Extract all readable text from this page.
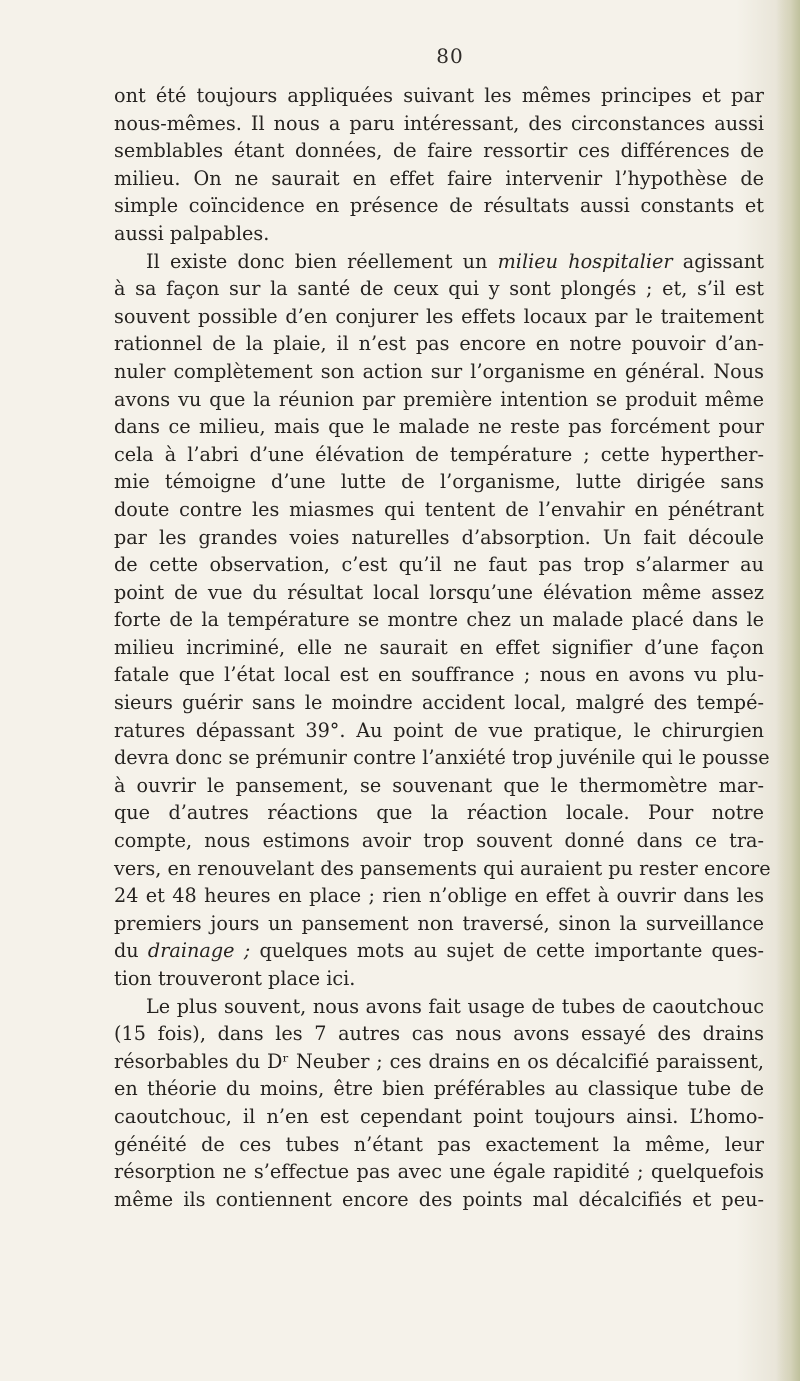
80
ont été toujours appliquées suivant les mêmes principes et par
nous-mêmes. Il nous a paru intéressant, des circonstances aussi
semblables étant données, de faire ressortir ces différences de
milieu. On ne saurait en effet faire intervenir l’hypothèse de
simple coïncidence en présence de résultats aussi constants et
aussi palpables.
Il existe donc bien réellement un milieu hospitalier agissant
à sa façon sur la santé de ceux qui y sont plongés ; et, s’il est
souvent possible d’en conjurer les effets locaux par le traitement
rationnel de la plaie, il n’est pas encore en notre pouvoir d’an-
nuler complètement son action sur l’organisme en général. Nous
avons vu que la réunion par première intention se produit même
dans ce milieu, mais que le malade ne reste pas forcément pour
cela à l’abri d’une élévation de température ; cette hyperther-
mie témoigne d’une lutte de l’organisme, lutte dirigée sans
doute contre les miasmes qui tentent de l’envahir en pénétrant
par les grandes voies naturelles d’absorption. Un fait découle
de cette observation, c’est qu’il ne faut pas trop s’alarmer au
point de vue du résultat local lorsqu’une élévation même assez
forte de la température se montre chez un malade placé dans le
milieu incriminé, elle ne saurait en effet signifier d’une façon
fatale que l’état local est en souffrance ; nous en avons vu plu-
sieurs guérir sans le moindre accident local, malgré des tempé-
ratures dépassant 39°. Au point de vue pratique, le chirurgien
devra donc se prémunir contre l’anxiété trop juvénile qui le pousse
à ouvrir le pansement, se souvenant que le thermomètre mar-
que d’autres réactions que la réaction locale. Pour notre
compte, nous estimons avoir trop souvent donné dans ce tra-
vers, en renouvelant des pansements qui auraient pu rester encore
24 et 48 heures en place ; rien n’oblige en effet à ouvrir dans les
premiers jours un pansement non traversé, sinon la surveillance
du drainage ; quelques mots au sujet de cette importante ques-
tion trouveront place ici.
Le plus souvent, nous avons fait usage de tubes de caoutchouc
(15 fois), dans les 7 autres cas nous avons essayé des drains
résorbables du Dʳ Neuber ; ces drains en os décalcifié paraissent,
en théorie du moins, être bien préférables au classique tube de
caoutchouc, il n’en est cependant point toujours ainsi. L’homo-
généité de ces tubes n’étant pas exactement la même, leur
résorption ne s’effectue pas avec une égale rapidité ; quelquefois
même ils contiennent encore des points mal décalcifiés et peu-
